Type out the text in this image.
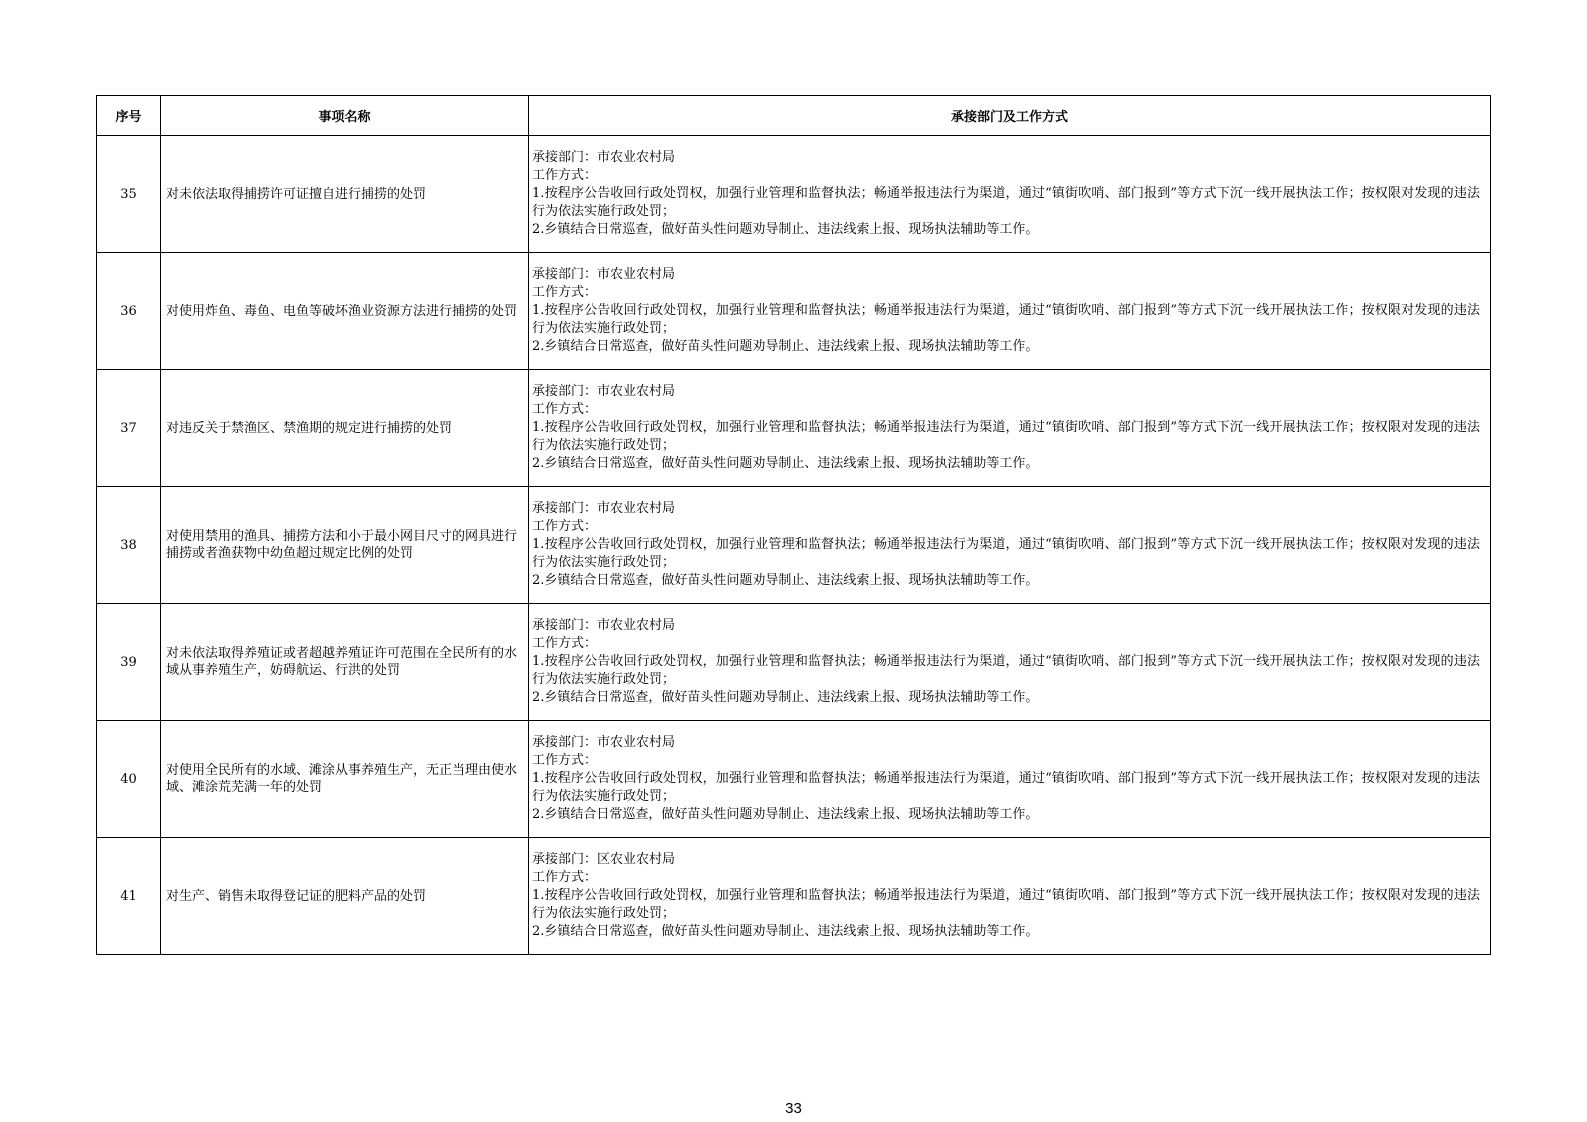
序号	事项名称	承接部门及工作方式
35	对未依法取得捕捞许可证擅自进行捕捞的处罚	承接部门：市农业农村局
工作方式：
1.按程序公告收回行政处罚权，加强行业管理和监督执法；畅通举报违法行为渠道，通过“镇街吹哨、部门报到”等方式下沉一线开展执法工作；按权限对发现的违法行为依法实施行政处罚；
2.乡镇结合日常巡查，做好苗头性问题劝导制止、违法线索上报、现场执法辅助等工作。

36	对使用炸鱼、毒鱼、电鱼等破坏渔业资源方法进行捕捞的处罚	承接部门：市农业农村局
工作方式：
1.按程序公告收回行政处罚权，加强行业管理和监督执法；畅通举报违法行为渠道，通过“镇街吹哨、部门报到”等方式下沉一线开展执法工作；按权限对发现的违法行为依法实施行政处罚；
2.乡镇结合日常巡查，做好苗头性问题劝导制止、违法线索上报、现场执法辅助等工作。

37	对违反关于禁渔区、禁渔期的规定进行捕捞的处罚	承接部门：市农业农村局
工作方式：
1.按程序公告收回行政处罚权，加强行业管理和监督执法；畅通举报违法行为渠道，通过“镇街吹哨、部门报到”等方式下沉一线开展执法工作；按权限对发现的违法行为依法实施行政处罚；
2.乡镇结合日常巡查，做好苗头性问题劝导制止、违法线索上报、现场执法辅助等工作。

38	对使用禁用的渔具、捕捞方法和小于最小网目尺寸的网具进行捕捞或者渔获物中幼鱼超过规定比例的处罚	承接部门：市农业农村局
工作方式：
1.按程序公告收回行政处罚权，加强行业管理和监督执法；畅通举报违法行为渠道，通过“镇街吹哨、部门报到”等方式下沉一线开展执法工作；按权限对发现的违法行为依法实施行政处罚；
2.乡镇结合日常巡查，做好苗头性问题劝导制止、违法线索上报、现场执法辅助等工作。

39	对未依法取得养殖证或者超越养殖证许可范围在全民所有的水域从事养殖生产，妨碍航运、行洪的处罚	承接部门：市农业农村局
工作方式：
1.按程序公告收回行政处罚权，加强行业管理和监督执法；畅通举报违法行为渠道，通过“镇街吹哨、部门报到”等方式下沉一线开展执法工作；按权限对发现的违法行为依法实施行政处罚；
2.乡镇结合日常巡查，做好苗头性问题劝导制止、违法线索上报、现场执法辅助等工作。

40	对使用全民所有的水域、滩涂从事养殖生产，无正当理由使水域、滩涂荒芜满一年的处罚	承接部门：市农业农村局
工作方式：
1.按程序公告收回行政处罚权，加强行业管理和监督执法；畅通举报违法行为渠道，通过“镇街吹哨、部门报到”等方式下沉一线开展执法工作；按权限对发现的违法行为依法实施行政处罚；
2.乡镇结合日常巡查，做好苗头性问题劝导制止、违法线索上报、现场执法辅助等工作。

41	对生产、销售未取得登记证的肥料产品的处罚	承接部门：区农业农村局
工作方式：
1.按程序公告收回行政处罚权，加强行业管理和监督执法；畅通举报违法行为渠道，通过“镇街吹哨、部门报到”等方式下沉一线开展执法工作；按权限对发现的违法行为依法实施行政处罚；
2.乡镇结合日常巡查，做好苗头性问题劝导制止、违法线索上报、现场执法辅助等工作。
33
